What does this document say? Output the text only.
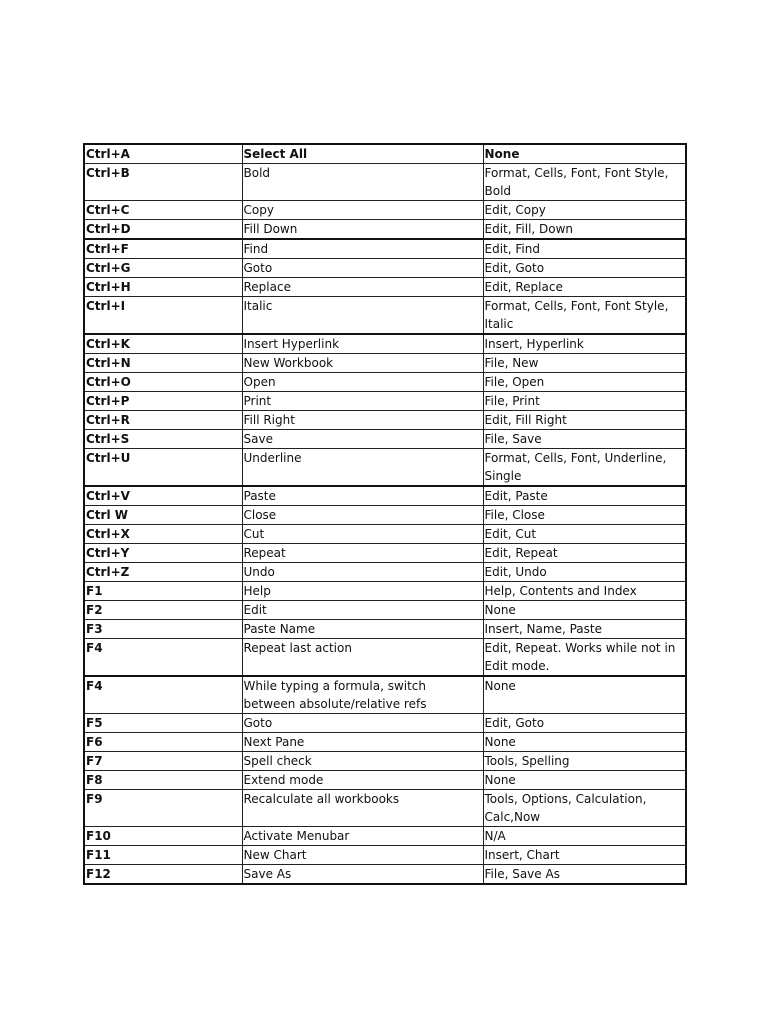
Ctrl+A	Select All	None
Ctrl+B	Bold	Format, Cells, Font, Font Style, Bold
Ctrl+C	Copy	Edit, Copy
Ctrl+D	Fill Down	Edit, Fill, Down
Ctrl+F	Find	Edit, Find
Ctrl+G	Goto	Edit, Goto
Ctrl+H	Replace	Edit, Replace
Ctrl+I	Italic	Format, Cells, Font, Font Style, Italic
Ctrl+K	Insert Hyperlink	Insert, Hyperlink
Ctrl+N	New Workbook	File, New
Ctrl+O	Open	File, Open
Ctrl+P	Print	File, Print
Ctrl+R	Fill Right	Edit, Fill Right
Ctrl+S	Save	File, Save
Ctrl+U	Underline	Format, Cells, Font, Underline, Single
Ctrl+V	Paste	Edit, Paste
Ctrl W	Close	File, Close
Ctrl+X	Cut	Edit, Cut
Ctrl+Y	Repeat	Edit, Repeat
Ctrl+Z	Undo	Edit, Undo
F1	Help	Help, Contents and Index
F2	Edit	None
F3	Paste Name	Insert, Name, Paste
F4	Repeat last action	Edit, Repeat. Works while not in Edit mode.
F4	While typing a formula, switch between absolute/relative refs	None
F5	Goto	Edit, Goto
F6	Next Pane	None
F7	Spell check	Tools, Spelling
F8	Extend mode	None
F9	Recalculate all workbooks	Tools, Options, Calculation, Calc,Now
F10	Activate Menubar	N/A
F11	New Chart	Insert, Chart
F12	Save As	File, Save As
